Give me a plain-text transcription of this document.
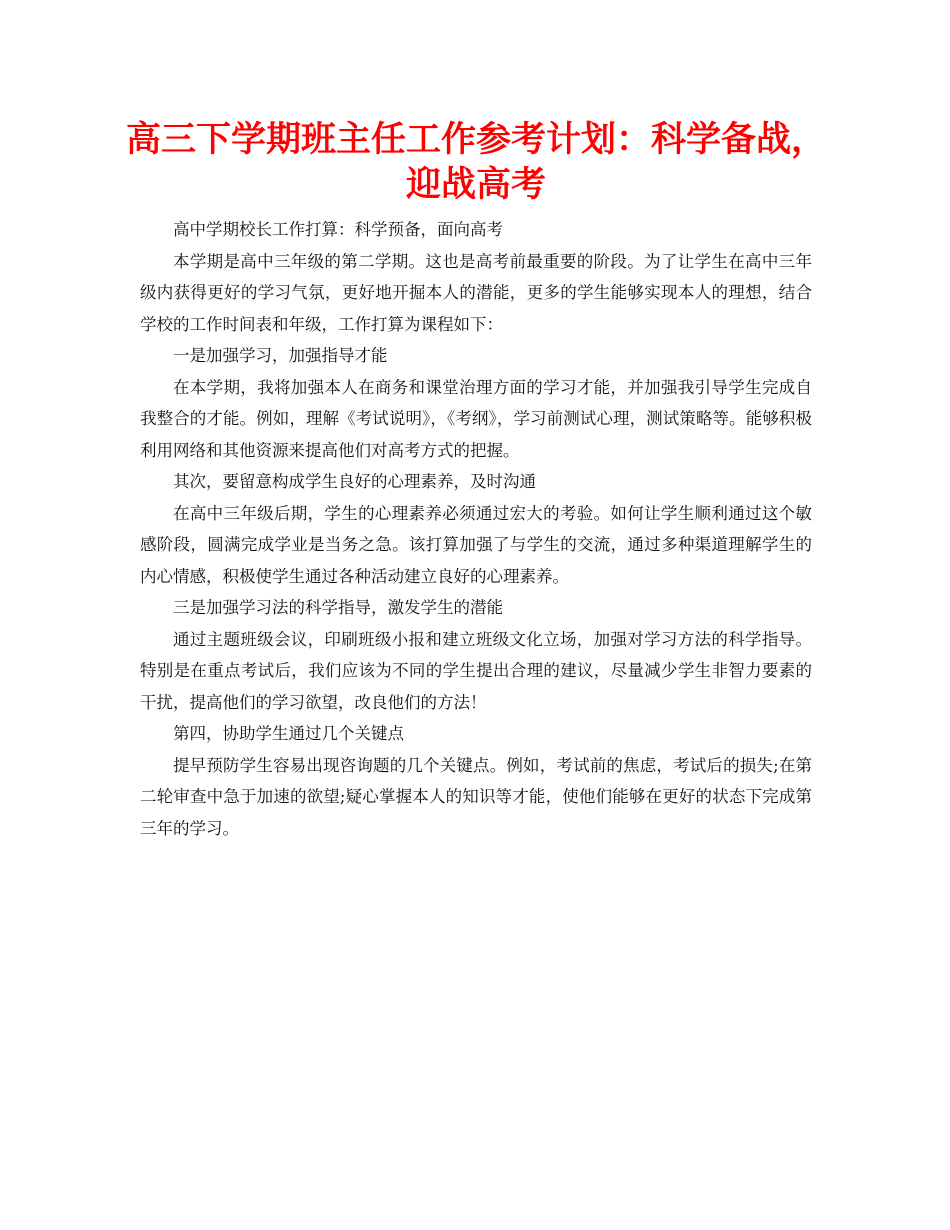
高三下学期班主任工作参考计划：科学备战，迎战高考

高中学期校长工作打算：科学预备，面向高考

本学期是高中三年级的第二学期。这也是高考前最重要的阶段。为了让学生在高中三年级内获得更好的学习气氛，更好地开掘本人的潜能，更多的学生能够实现本人的理想，结合学校的工作时间表和年级，工作打算为课程如下：

一是加强学习，加强指导才能

在本学期，我将加强本人在商务和课堂治理方面的学习才能，并加强我引导学生完成自我整合的才能。例如，理解《考试说明》，《考纲》，学习前测试心理，测试策略等。能够积极利用网络和其他资源来提高他们对高考方式的把握。

其次，要留意构成学生良好的心理素养，及时沟通

在高中三年级后期，学生的心理素养必须通过宏大的考验。如何让学生顺利通过这个敏感阶段，圆满完成学业是当务之急。该打算加强了与学生的交流，通过多种渠道理解学生的内心情感，积极使学生通过各种活动建立良好的心理素养。

三是加强学习法的科学指导，激发学生的潜能

通过主题班级会议，印刷班级小报和建立班级文化立场，加强对学习方法的科学指导。特别是在重点考试后，我们应该为不同的学生提出合理的建议，尽量减少学生非智力要素的干扰，提高他们的学习欲望，改良他们的方法！

第四，协助学生通过几个关键点

提早预防学生容易出现咨询题的几个关键点。例如，考试前的焦虑，考试后的损失;在第二轮审查中急于加速的欲望;疑心掌握本人的知识等才能，使他们能够在更好的状态下完成第三年的学习。
